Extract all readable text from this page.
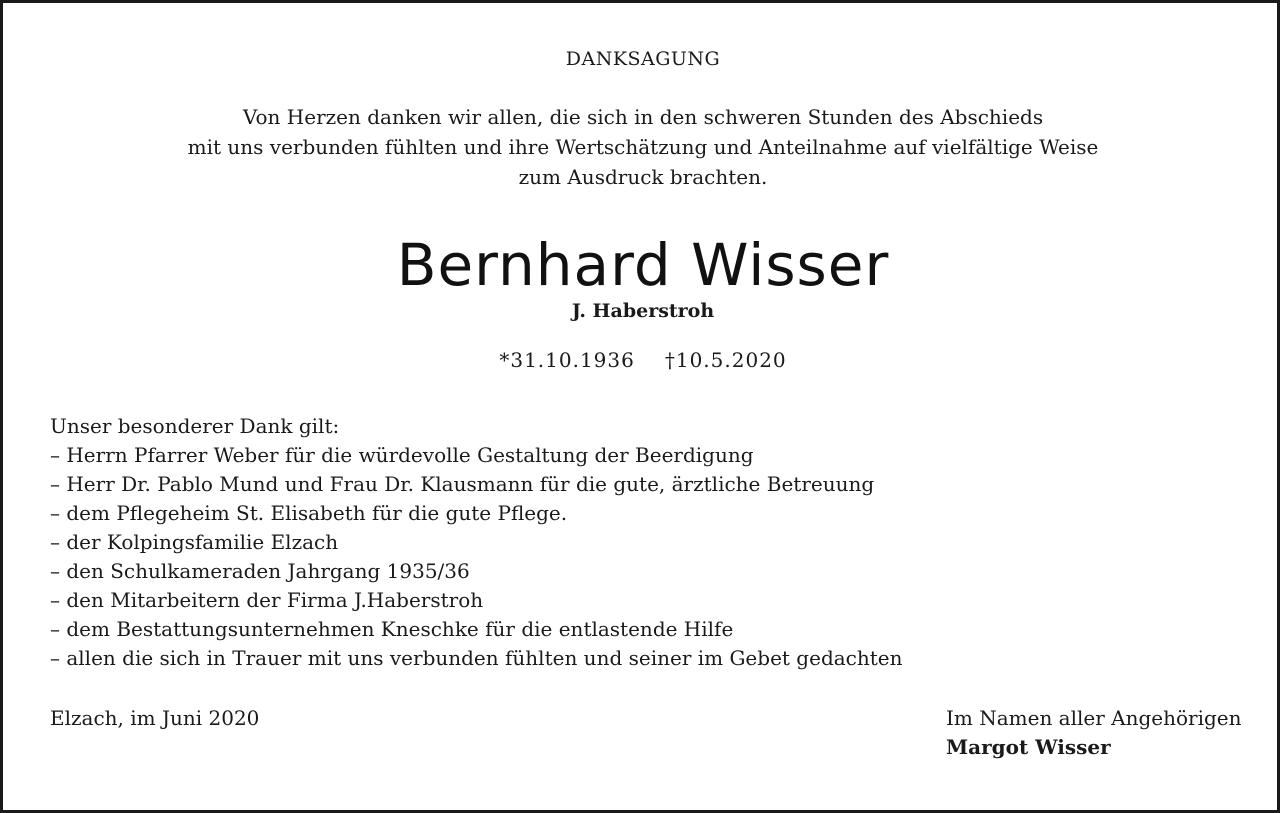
DANKSAGUNG
Von Herzen danken wir allen, die sich in den schweren Stunden des Abschieds
mit uns verbunden fühlten und ihre Wertschätzung und Anteilnahme auf vielfältige Weise
zum Ausdruck brachten.
Bernhard Wisser
J. Haberstroh
*31.10.1936 †10.5.2020
Unser besonderer Dank gilt:
– Herrn Pfarrer Weber für die würdevolle Gestaltung der Beerdigung
– Herr Dr. Pablo Mund und Frau Dr. Klausmann für die gute, ärztliche Betreuung
– dem Pflegeheim St. Elisabeth für die gute Pflege.
– der Kolpingsfamilie Elzach
– den Schulkameraden Jahrgang 1935/36
– den Mitarbeitern der Firma J.Haberstroh
– dem Bestattungsunternehmen Kneschke für die entlastende Hilfe
– allen die sich in Trauer mit uns verbunden fühlten und seiner im Gebet gedachten
Elzach, im Juni 2020	Im Namen aller Angehörigen
Margot Wisser
